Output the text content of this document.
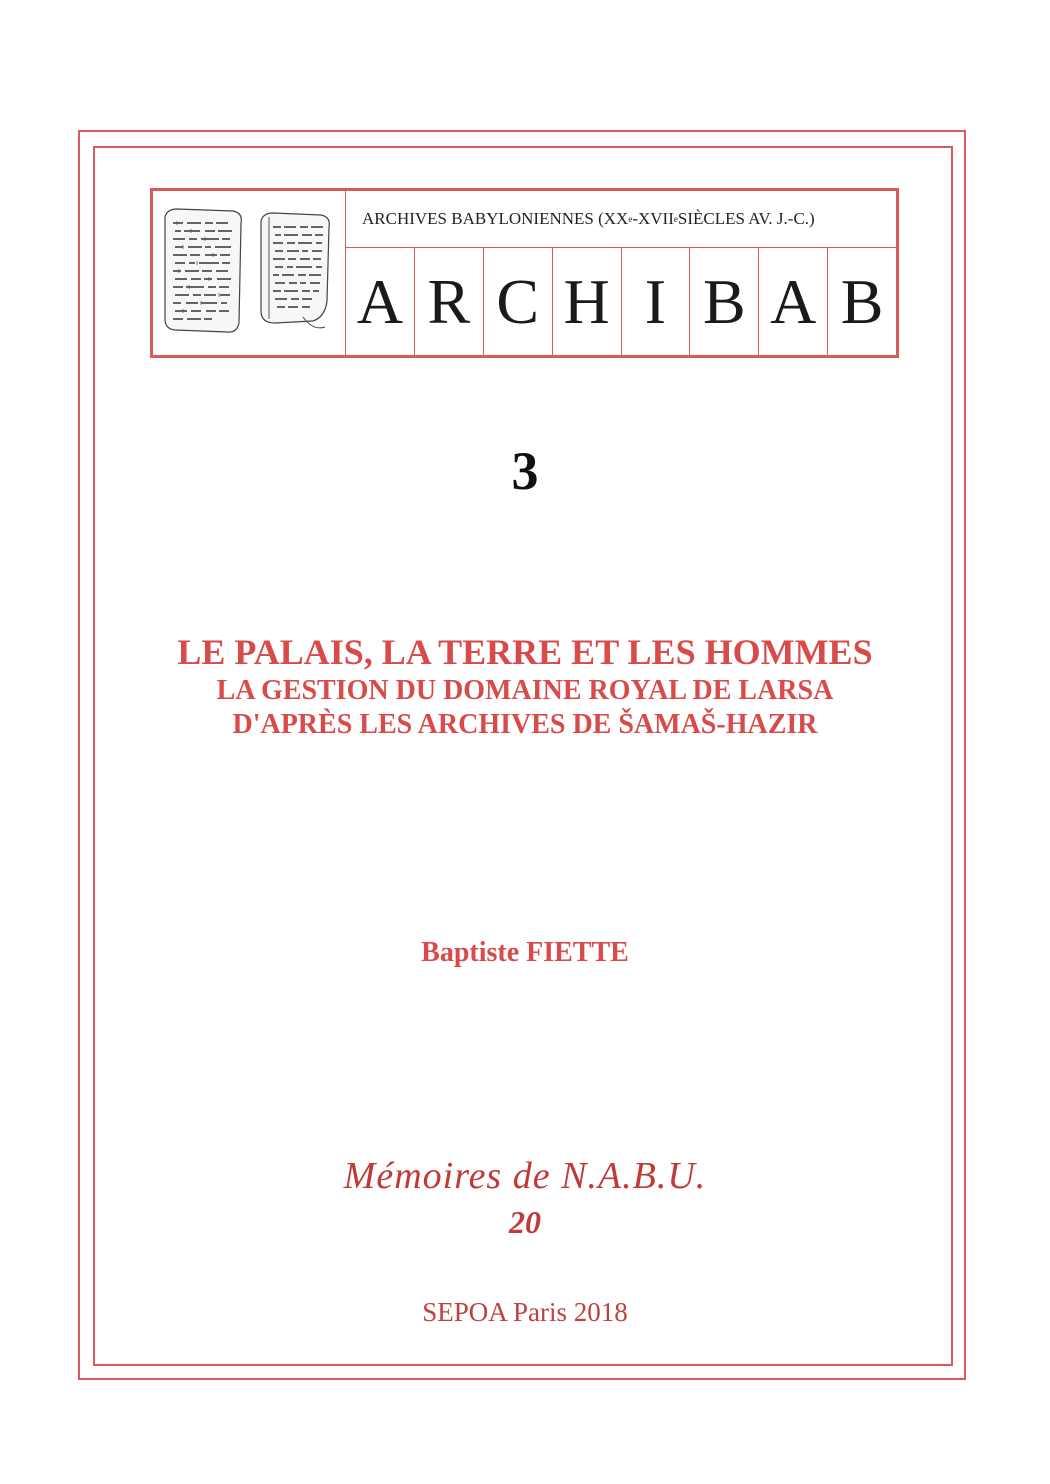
ARCHIVES BABYLONIENNES (XX e -XVII e SIÈCLES AV. J.-C.)
A R C H I B A B
3
LE PALAIS, LA TERRE ET LES HOMMES
LA GESTION DU DOMAINE ROYAL DE LARSA
D'APRÈS LES ARCHIVES DE ŠAMAŠ-HAZIR
Baptiste FIETTE
Mémoires de N.A.B.U.
20
SEPOA Paris 2018
